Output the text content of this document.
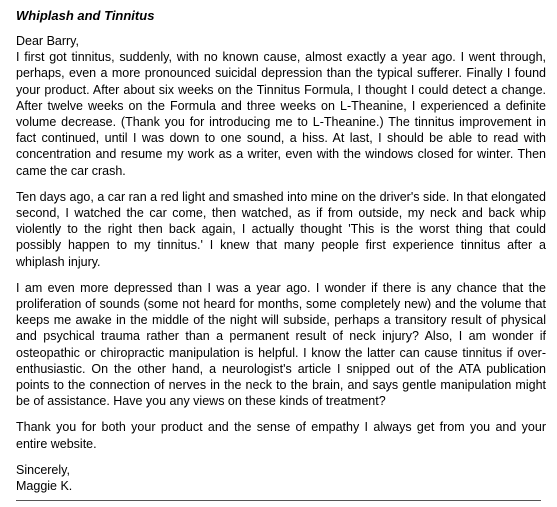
Whiplash and Tinnitus
Dear Barry,

I first got tinnitus, suddenly, with no known cause, almost exactly a year ago. I went through, perhaps, even a more pronounced suicidal depression than the typical sufferer. Finally I found your product. After about six weeks on the Tinnitus Formula, I thought I could detect a change. After twelve weeks on the Formula and three weeks on L-Theanine, I experienced a definite volume decrease. (Thank you for introducing me to L-Theanine.) The tinnitus improvement in fact continued, until I was down to one sound, a hiss. At last, I should be able to read with concentration and resume my work as a writer, even with the windows closed for winter. Then came the car crash.

Ten days ago, a car ran a red light and smashed into mine on the driver's side. In that elongated second, I watched the car come, then watched, as if from outside, my neck and back whip violently to the right then back again, I actually thought 'This is the worst thing that could possibly happen to my tinnitus.' I knew that many people first experience tinnitus after a whiplash injury.

I am even more depressed than I was a year ago. I wonder if there is any chance that the proliferation of sounds (some not heard for months, some completely new) and the volume that keeps me awake in the middle of the night will subside, perhaps a transitory result of physical and psychical trauma rather than a permanent result of neck injury? Also, I am wonder if osteopathic or chiropractic manipulation is helpful. I know the latter can cause tinnitus if over-enthusiastic. On the other hand, a neurologist's article I snipped out of the ATA publication points to the connection of nerves in the neck to the brain, and says gentle manipulation might be of assistance. Have you any views on these kinds of treatment?

Thank you for both your product and the sense of empathy I always get from you and your entire website.

Sincerely,
Maggie K.
